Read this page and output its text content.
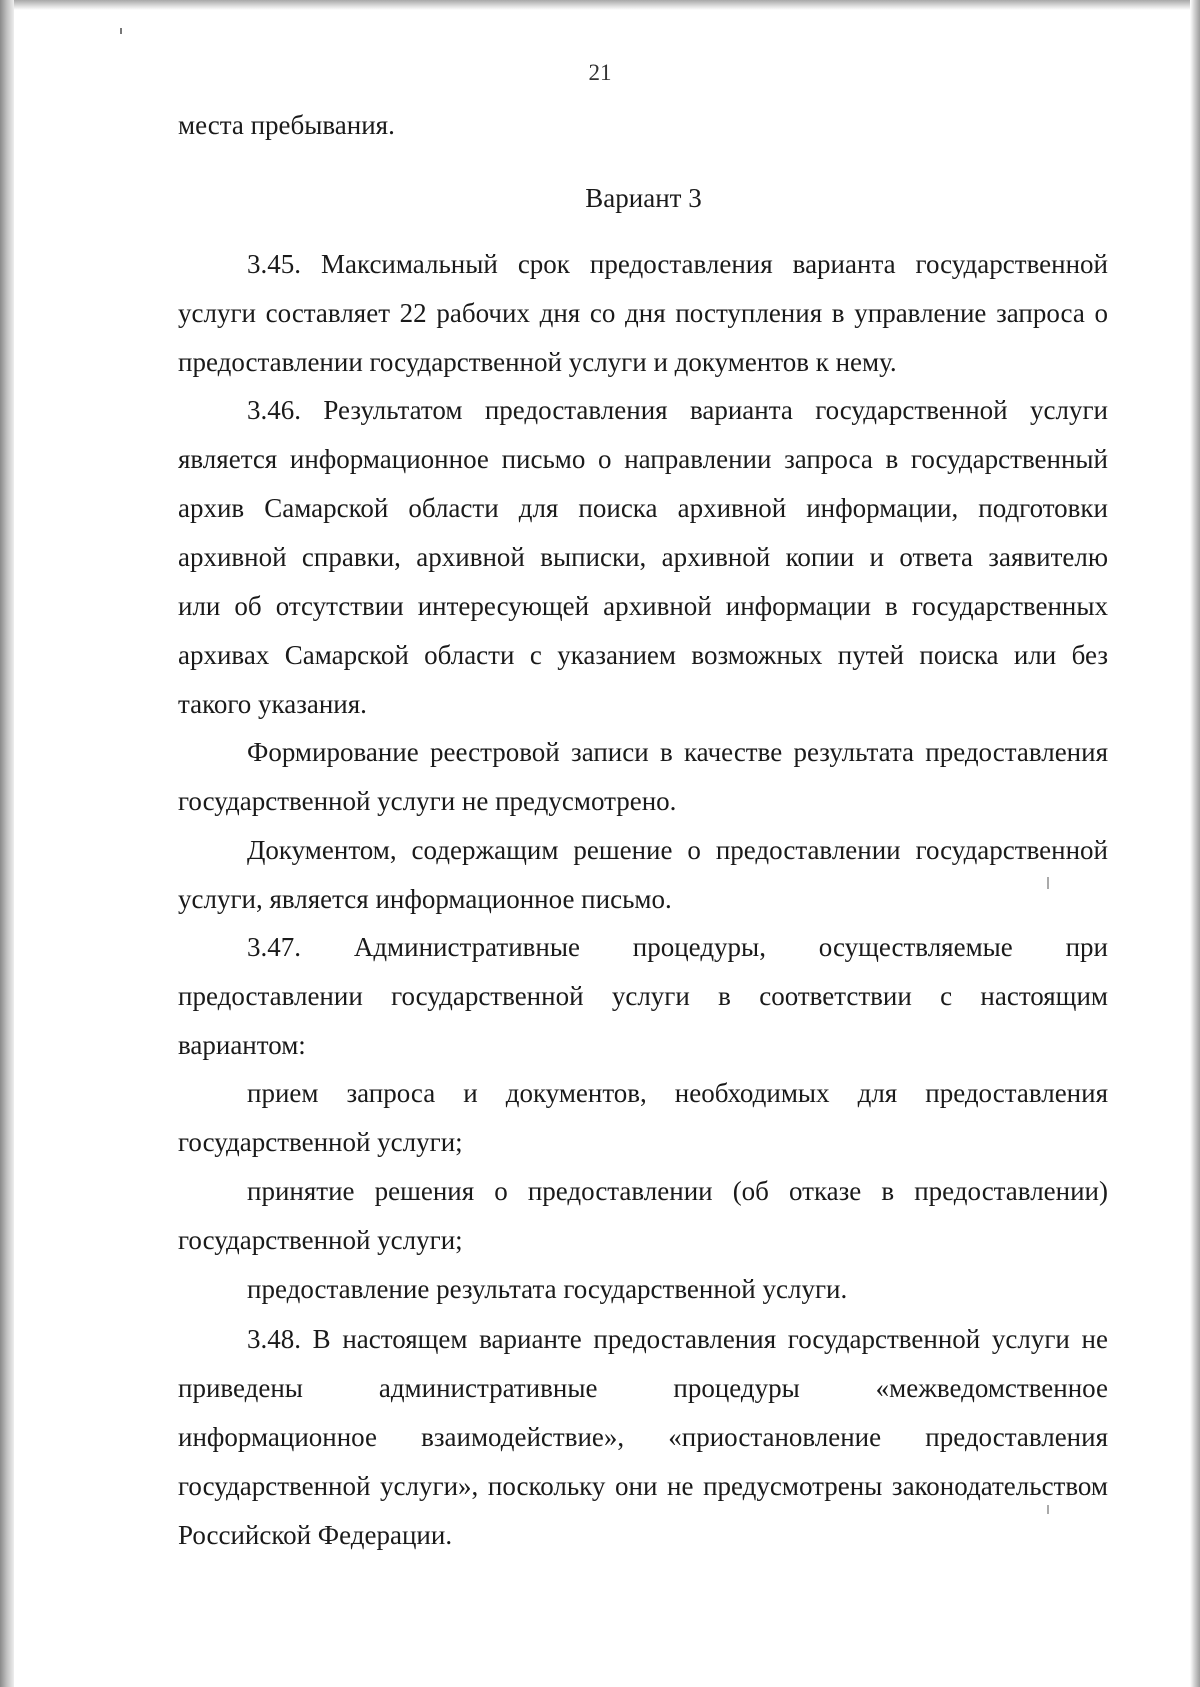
21
места пребывания.
Вариант 3
3.45. Максимальный срок предоставления варианта государственной
услуги составляет 22 рабочих дня со дня поступления в управление запроса о
предоставлении государственной услуги и документов к нему.
3.46. Результатом предоставления варианта государственной услуги
является информационное письмо о направлении запроса в государственный
архив Самарской области для поиска архивной информации, подготовки
архивной справки, архивной выписки, архивной копии и ответа заявителю
или об отсутствии интересующей архивной информации в государственных
архивах Самарской области с указанием возможных путей поиска или без
такого указания.
Формирование реестровой записи в качестве результата предоставления
государственной услуги не предусмотрено.
Документом, содержащим решение о предоставлении государственной
услуги, является информационное письмо.
3.47. Административные процедуры, осуществляемые при
предоставлении государственной услуги в соответствии с настоящим
вариантом:
прием запроса и документов, необходимых для предоставления
государственной услуги;
принятие решения о предоставлении (об отказе в предоставлении)
государственной услуги;
предоставление результата государственной услуги.
3.48. В настоящем варианте предоставления государственной услуги не
приведены административные процедуры «межведомственное
информационное взаимодействие», «приостановление предоставления
государственной услуги», поскольку они не предусмотрены законодательством
Российской Федерации.
